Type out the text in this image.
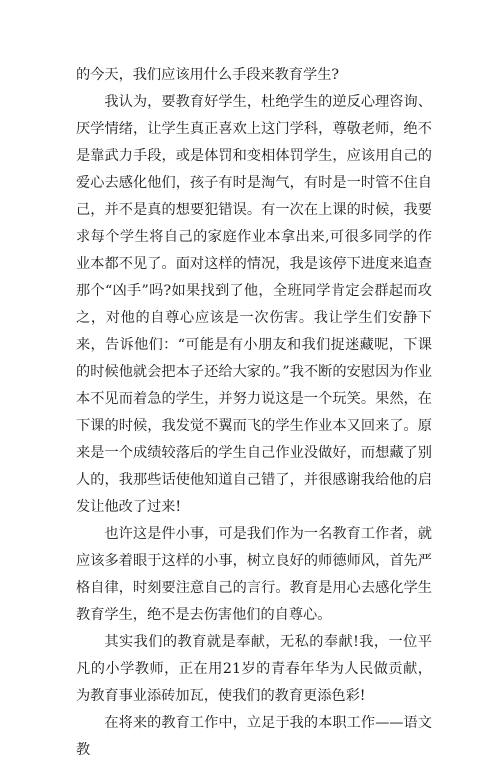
的今天，我们应该用什么手段来教育学生?

我认为，要教育好学生，杜绝学生的逆反心理咨询、厌学情绪，让学生真正喜欢上这门学科，尊敬老师，绝不是靠武力手段，或是体罚和变相体罚学生，应该用自己的爱心去感化他们，孩子有时是淘气，有时是一时管不住自己，并不是真的想要犯错误。有一次在上课的时候，我要求每个学生将自己的家庭作业本拿出来,可很多同学的作业本都不见了。面对这样的情况，我是该停下进度来追查那个“凶手”吗?如果找到了他，全班同学肯定会群起而攻之，对他的自尊心应该是一次伤害。我让学生们安静下来，告诉他们：“可能是有小朋友和我们捉迷藏呢，下课的时候他就会把本子还给大家的。”我不断的安慰因为作业本不见而着急的学生，并努力说这是一个玩笑。果然，在下课的时候，我发觉不翼而飞的学生作业本又回来了。原来是一个成绩较落后的学生自己作业没做好，而想藏了别人的，我那些话使他知道自己错了，并很感谢我给他的启发让他改了过来!

也许这是件小事，可是我们作为一名教育工作者，就应该多着眼于这样的小事，树立良好的师德师风，首先严格自律，时刻要注意自己的言行。教育是用心去感化学生教育学生，绝不是去伤害他们的自尊心。

其实我们的教育就是奉献，无私的奉献!我，一位平凡的小学教师，正在用21岁的青春年华为人民做贡献，为教育事业添砖加瓦，使我们的教育更添色彩!

在将来的教育工作中，立足于我的本职工作——语文教
